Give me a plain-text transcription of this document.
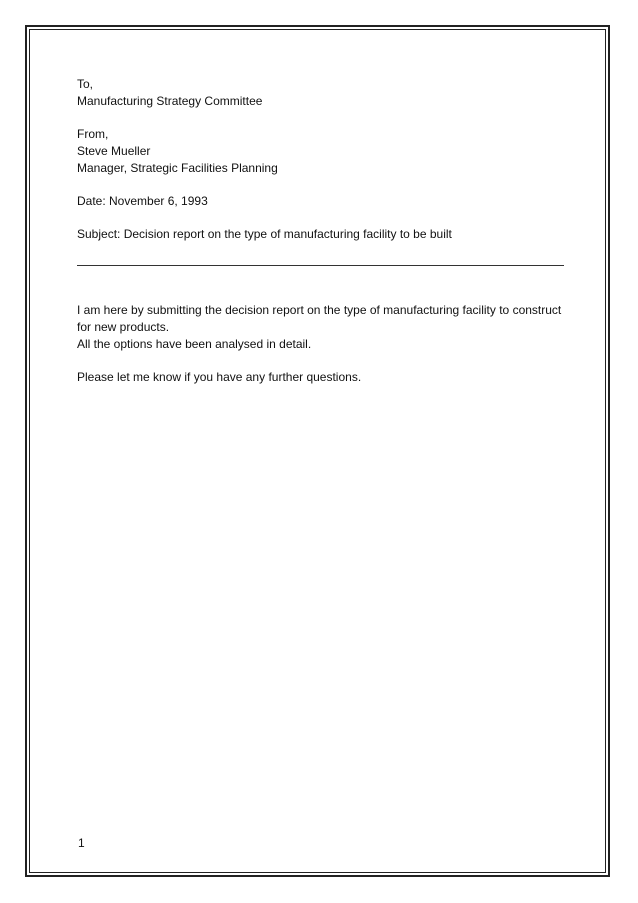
To,
Manufacturing Strategy Committee
From,
Steve Mueller
Manager, Strategic Facilities Planning
Date: November 6, 1993
Subject: Decision report on the type of manufacturing facility to be built
I am here by submitting the decision report on the type of manufacturing facility to construct
for new products.
All the options have been analysed in detail.
Please let me know if you have any further questions.
1
